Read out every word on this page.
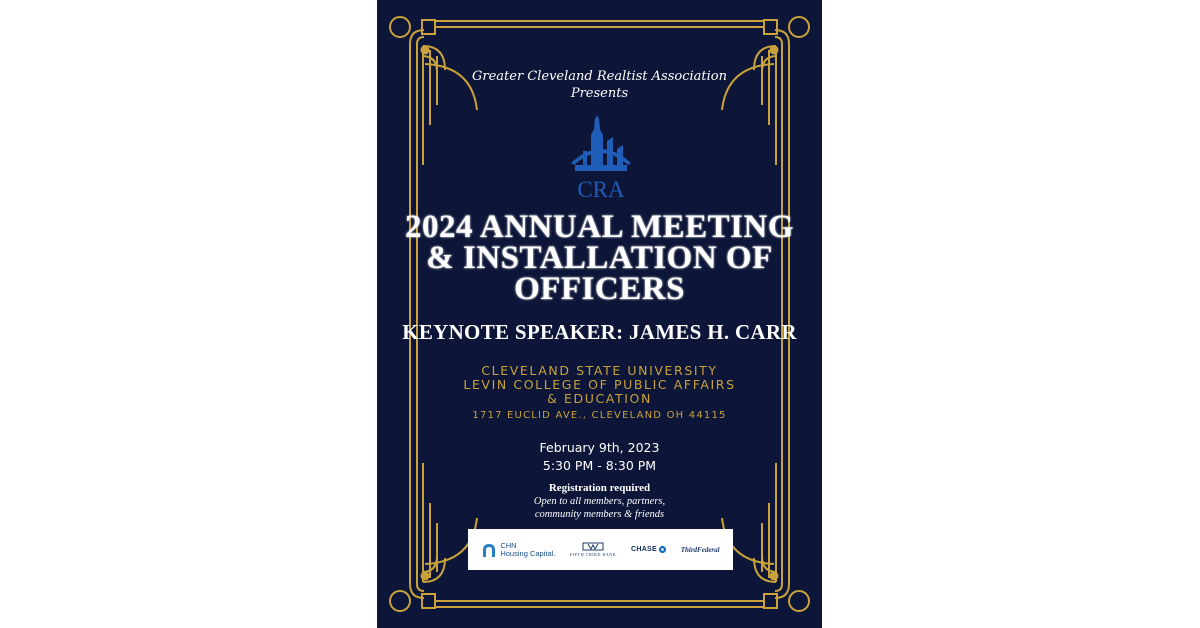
Greater Cleveland Realtist Association
Presents
CRA
2024 ANNUAL MEETING
& INSTALLATION OF
OFFICERS
KEYNOTE SPEAKER: JAMES H. CARR
CLEVELAND STATE UNIVERSITY
LEVIN COLLEGE OF PUBLIC AFFAIRS
& EDUCATION
1717 EUCLID AVE., CLEVELAND OH 44115
February 9th, 2023
5:30 PM - 8:30 PM
Registration required
Open to all members, partners,
community members & friends
CHN
Housing Capital.	FIFTH THIRD BANK
CHASE	ThirdFederal
